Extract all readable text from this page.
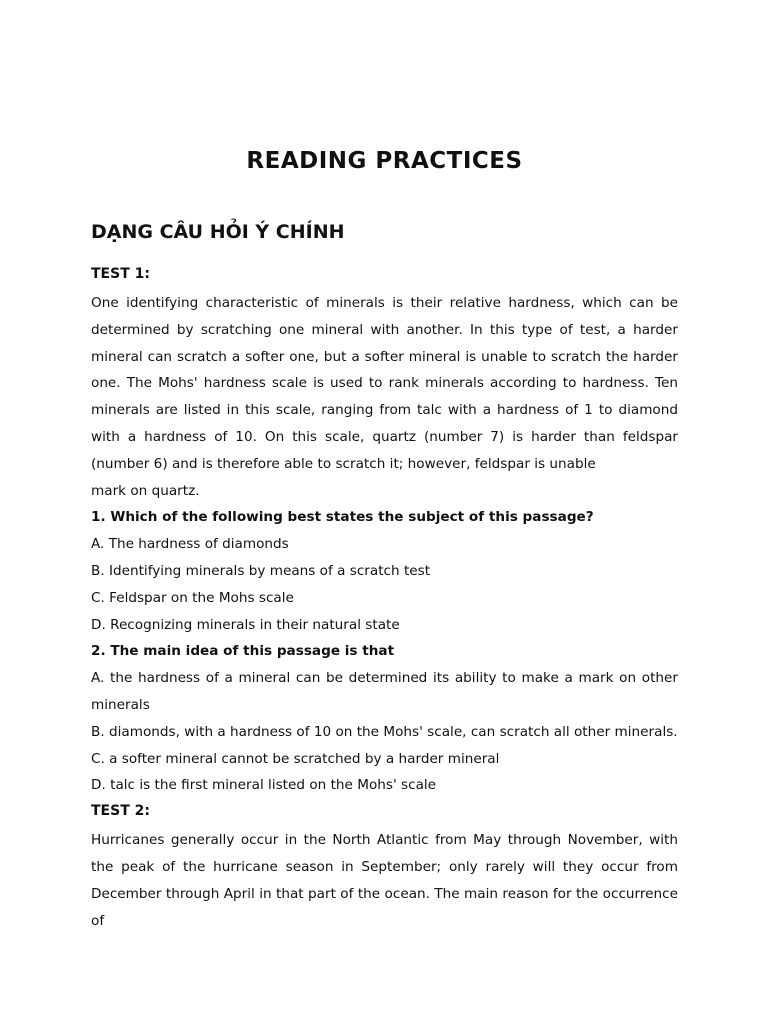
READING PRACTICES
DẠNG CÂU HỎI Ý CHÍNH
TEST 1:

One identifying characteristic of minerals is their relative hardness, which can be determined by scratching one mineral with another. In this type of test, a harder mineral can scratch a softer one, but a softer mineral is unable to scratch the harder one. The Mohs' hardness scale is used to rank minerals according to hardness. Ten minerals are listed in this scale, ranging from talc with a hardness of 1 to diamond with a hardness of 10. On this scale, quartz (number 7) is harder than feldspar (number 6) and is therefore able to scratch it; however, feldspar is unable

mark on quartz.

1. Which of the following best states the subject of this passage?

A. The hardness of diamonds

B. Identifying minerals by means of a scratch test

C. Feldspar on the Mohs scale

D. Recognizing minerals in their natural state

2. The main idea of this passage is that

A. the hardness of a mineral can be determined its ability to make a mark on other minerals

B. diamonds, with a hardness of 10 on the Mohs' scale, can scratch all other minerals.

C. a softer mineral cannot be scratched by a harder mineral

D. talc is the first mineral listed on the Mohs' scale

TEST 2:

Hurricanes generally occur in the North Atlantic from May through November, with the peak of the hurricane season in September; only rarely will they occur from December through April in that part of the ocean. The main reason for the occurrence of
